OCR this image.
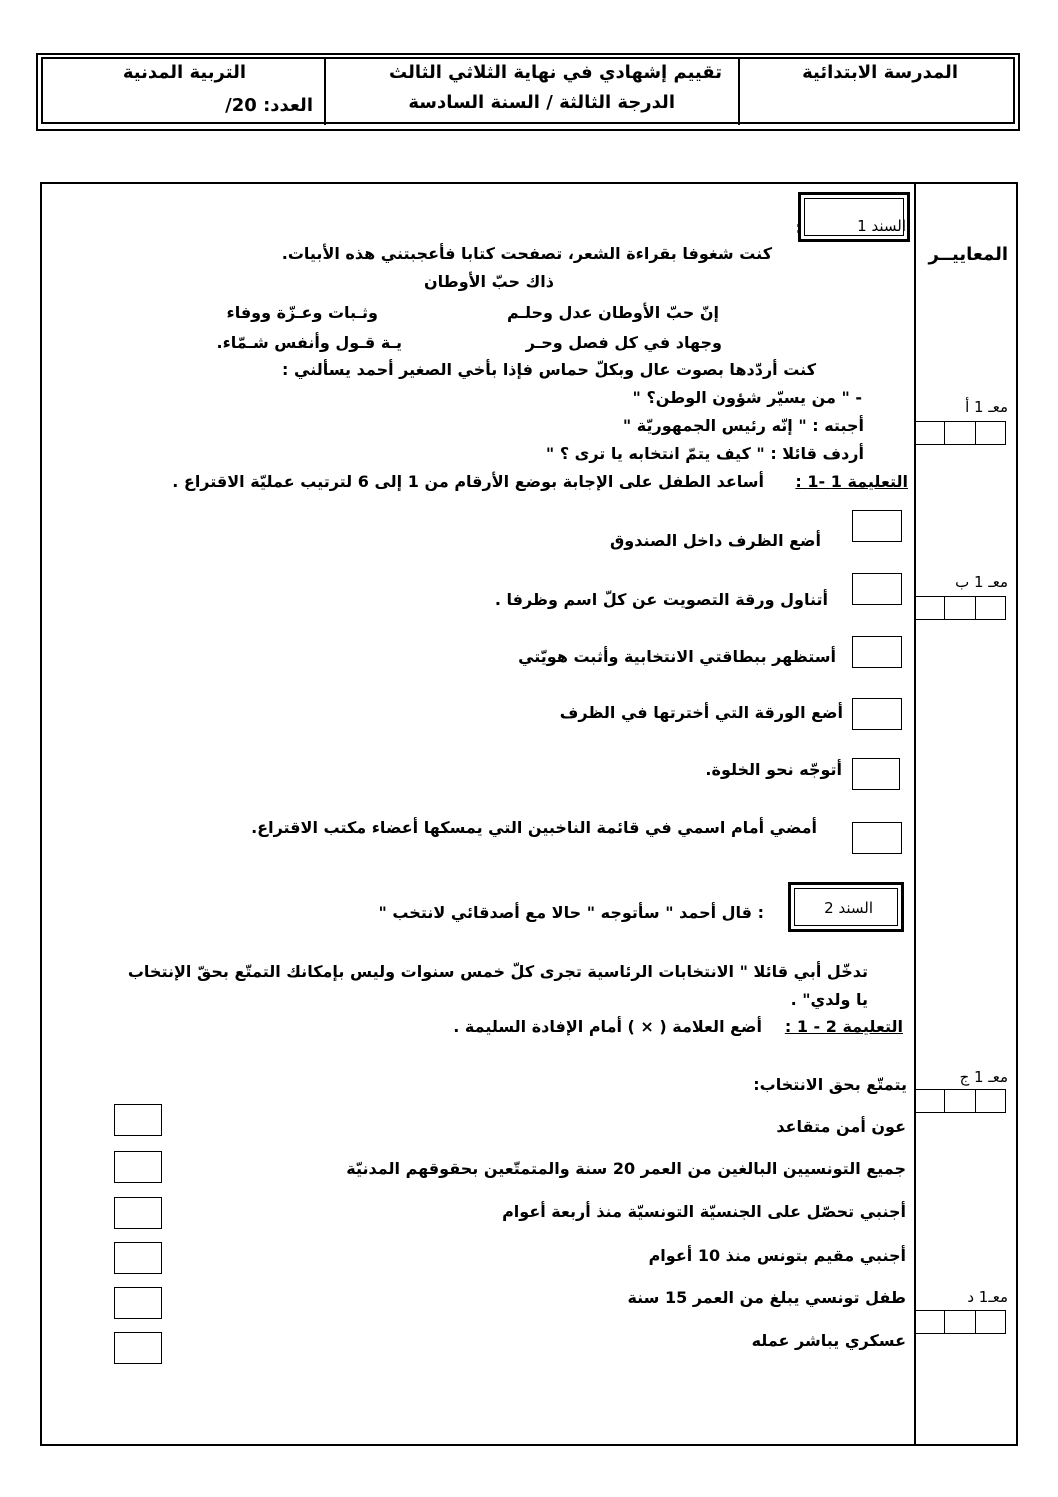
المدرسة الابتدائية
تقييم إشهادي في نهاية الثلاثي الثالث
الدرجة الثالثة / السنة السادسة
التربية المدنية
العدد: 20/
المعاييــر
معـ 1 أ
معـ 1 ب
معـ 1 ج
معـ1 د
السند 1
:
كنت شغوفا بقراءة الشعر، تصفحت كتابا فأعجبتني هذه الأبيات.
ذاك حبّ الأوطان
إنّ حبّ الأوطان عدل وحلـم
وثـبات وعـزّة ووفاء
وجهاد في كل فصل وحـر
يـة قـول وأنفس شـمّاء.
كنت أردّدها بصوت عال وبكلّ حماس فإذا بأخي الصغير أحمد يسألني :
- " من يسيّر شؤون الوطن؟ "
أجبته : " إنّه رئيس الجمهوريّة "
أردف قائلا : " كيف يتمّ انتخابه يا ترى ؟ "
التعليمة 1 -1 :
أساعد الطفل على الإجابة بوضع الأرقام من 1 إلى 6 لترتيب عمليّة الاقتراع .
أضع الظرف داخل الصندوق
أتناول ورقة التصويت عن كلّ اسم وظرفا .
أستظهر ببطاقتي الانتخابية وأثبت هويّتي
أضع الورقة التي أخترتها في الظرف
أتوجّه نحو الخلوة.
أمضي أمام اسمي في قائمة الناخبين التي يمسكها أعضاء مكتب الاقتراع.
السند 2
: قال أحمد " سأتوجه " حالا مع أصدقائي لانتخب "
تدخّل أبي قائلا " الانتخابات الرئاسية تجرى كلّ خمس سنوات وليس بإمكانك التمتّع بحقّ الإنتخاب
يا ولدي" .
التعليمة 2 - 1 :
أضع العلامة ( × ) أمام الإفادة السليمة .
يتمتّع بحق الانتخاب:
عون أمن متقاعد
جميع التونسيين البالغين من العمر 20 سنة والمتمتّعين بحقوقهم المدنيّة
أجنبي تحصّل على الجنسيّة التونسيّة منذ أربعة أعوام
أجنبي مقيم بتونس منذ 10 أعوام
طفل تونسي يبلغ من العمر 15 سنة
عسكري يباشر عمله
